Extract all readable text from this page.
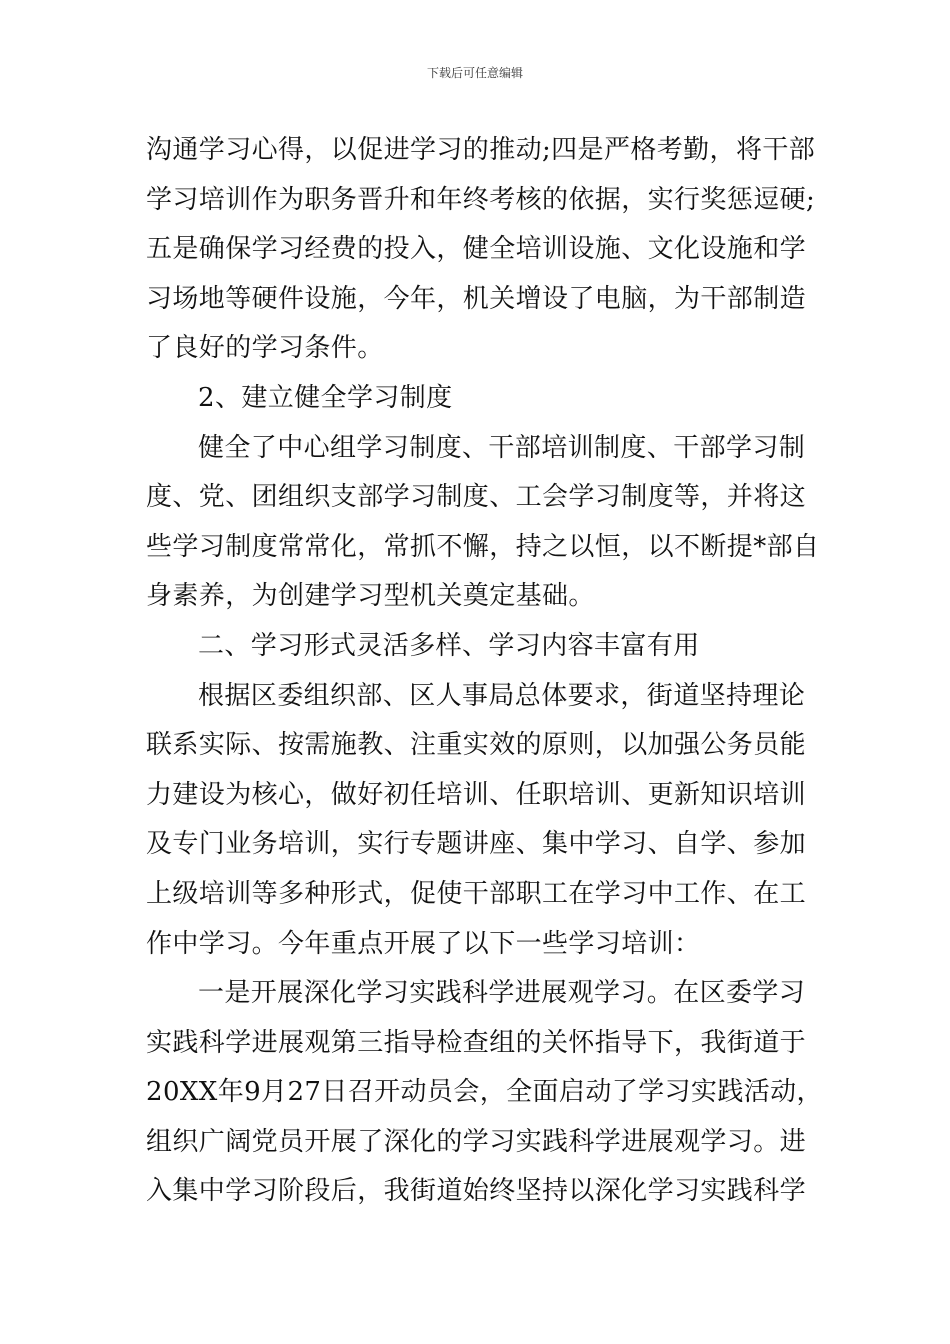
下载后可任意编辑
沟通学习心得，以促进学习的推动;四是严格考勤，将干部
学习培训作为职务晋升和年终考核的依据，实行奖惩逗硬;
五是确保学习经费的投入，健全培训设施、文化设施和学
习场地等硬件设施，今年，机关增设了电脑，为干部制造
了良好的学习条件。
2、建立健全学习制度
健全了中心组学习制度、干部培训制度、干部学习制
度、党、团组织支部学习制度、工会学习制度等，并将这
些学习制度常常化，常抓不懈，持之以恒，以不断提*部自
身素养，为创建学习型机关奠定基础。
二、学习形式灵活多样、学习内容丰富有用
根据区委组织部、区人事局总体要求，街道坚持理论
联系实际、按需施教、注重实效的原则，以加强公务员能
力建设为核心，做好初任培训、任职培训、更新知识培训
及专门业务培训，实行专题讲座、集中学习、自学、参加
上级培训等多种形式，促使干部职工在学习中工作、在工
作中学习。今年重点开展了以下一些学习培训：
一是开展深化学习实践科学进展观学习。在区委学习
实践科学进展观第三指导检查组的关怀指导下，我街道于
20XX年9月27日召开动员会，全面启动了学习实践活动，
组织广阔党员开展了深化的学习实践科学进展观学习。进
入集中学习阶段后，我街道始终坚持以深化学习实践科学
